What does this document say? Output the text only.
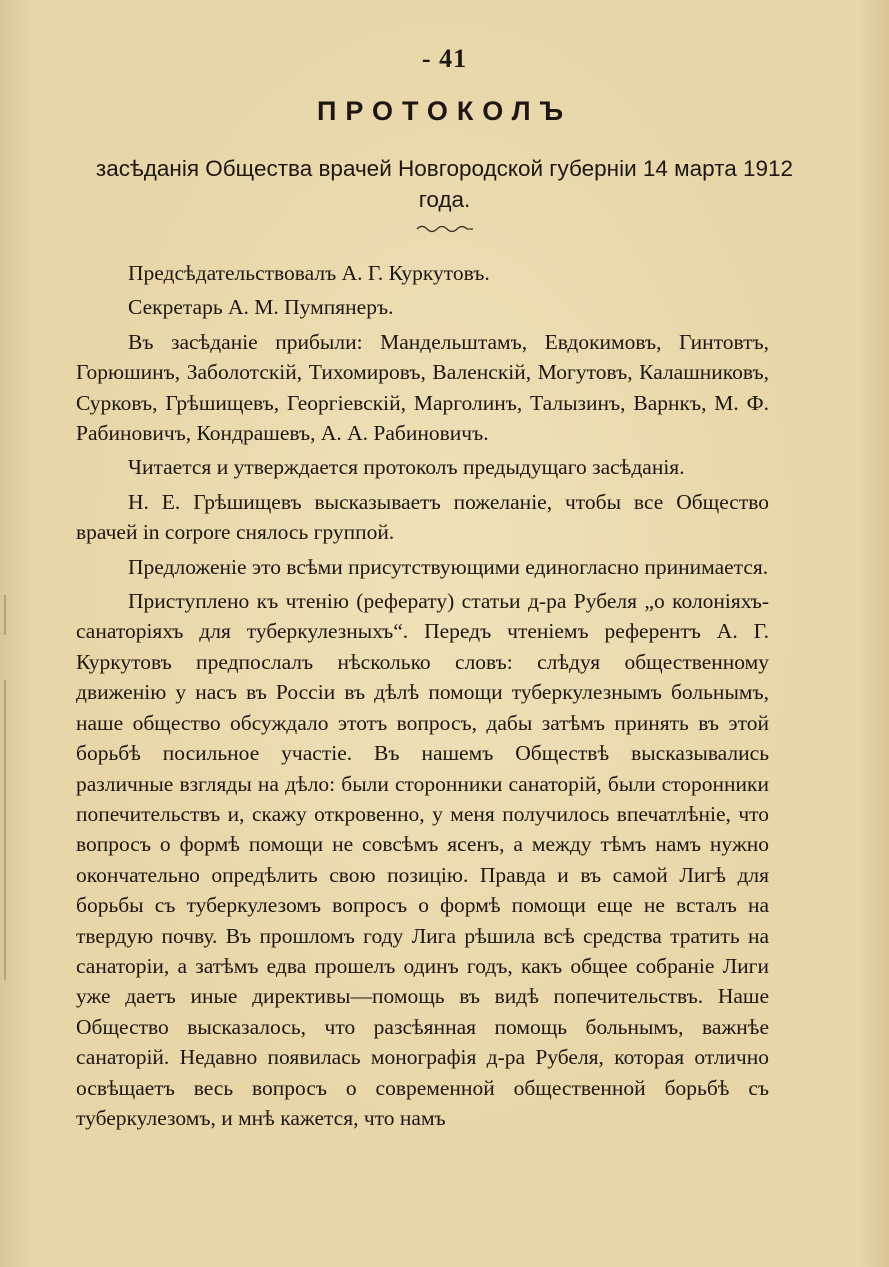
- 41
ПРОТОКОЛЪ
засѣданія Общества врачей Новгородской губерніи 14 марта 1912 года.

Предсѣдательствовалъ А. Г. Куркутовъ.

Секретарь А. М. Пумпянеръ.

Въ засѣданіе прибыли: Мандельштамъ, Евдокимовъ, Гинтовтъ, Горюшинъ, Заболотскій, Тихомировъ, Валенскій, Могутовъ, Калашниковъ, Сурковъ, Грѣшищевъ, Георгіевскій, Марголинъ, Талызинъ, Варнкъ, М. Ф. Рабиновичъ, Кондрашевъ, А. А. Рабиновичъ.

Читается и утверждается протоколъ предыдущаго засѣданія.

Н. Е. Грѣшищевъ высказываетъ пожеланіе, чтобы все Общество врачей in corpore снялось группой.

Предложеніе это всѣми присутствующими единогласно принимается.

Приступлено къ чтенію (реферату) статьи д-ра Рубеля „о колоніяхъ-санаторіяхъ для туберкулезныхъ“. Передъ чтеніемъ референтъ А. Г. Куркутовъ предпослалъ нѣсколько словъ: слѣдуя общественному движенію у насъ въ Россіи въ дѣлѣ помощи туберкулезнымъ больнымъ, наше общество обсуждало этотъ вопросъ, дабы затѣмъ принять въ этой борьбѣ посильное участіе. Въ нашемъ Обществѣ высказывались различные взгляды на дѣло: были сторонники санаторій, были сторонники попечительствъ и, скажу откровенно, у меня получилось впечатлѣніе, что вопросъ о формѣ помощи не совсѣмъ ясенъ, а между тѣмъ намъ нужно окончательно опредѣлить свою позицію. Правда и въ самой Лигѣ для борьбы съ туберкулезомъ вопросъ о формѣ помощи еще не всталъ на твердую почву. Въ прошломъ году Лига рѣшила всѣ средства тратить на санаторіи, а затѣмъ едва прошелъ одинъ годъ, какъ общее собраніе Лиги уже даетъ иные директивы—помощь въ видѣ попечительствъ. Наше Общество высказалось, что разсѣянная помощь больнымъ, важнѣе санаторій. Недавно появилась монографія д-ра Рубеля, которая отлично освѣщаетъ весь вопросъ о современной общественной борьбѣ съ туберкулезомъ, и мнѣ кажется, что намъ
